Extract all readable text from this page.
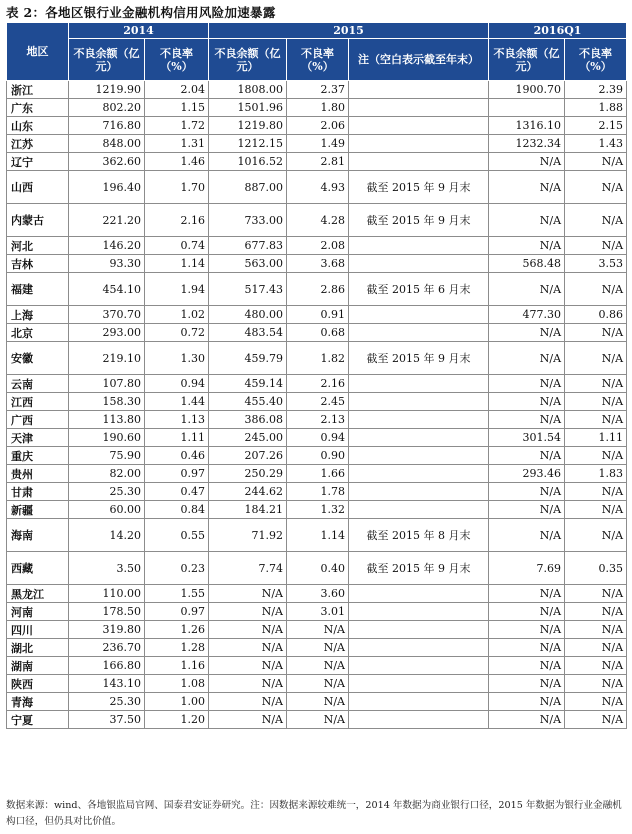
表 2：各地区银行业金融机构信用风险加速暴露
地区	2014		2015			2016Q1	
	不良余额（亿元）	不良率（%）	不良余额（亿元）	不良率（%）	注（空白表示截至年末）	不良余额（亿元）	不良率（%）
浙江	1219.90	2.04	1808.00	2.37		1900.70	2.39
广东	802.20	1.15	1501.96	1.80			1.88
山东	716.80	1.72	1219.80	2.06		1316.10	2.15
江苏	848.00	1.31	1212.15	1.49		1232.34	1.43
辽宁	362.60	1.46	1016.52	2.81		N/A	N/A
山西	196.40	1.70	887.00	4.93	截至 2015 年 9 月末	N/A	N/A
内蒙古	221.20	2.16	733.00	4.28	截至 2015 年 9 月末	N/A	N/A
河北	146.20	0.74	677.83	2.08		N/A	N/A
吉林	93.30	1.14	563.00	3.68		568.48	3.53
福建	454.10	1.94	517.43	2.86	截至 2015 年 6 月末	N/A	N/A
上海	370.70	1.02	480.00	0.91		477.30	0.86
北京	293.00	0.72	483.54	0.68		N/A	N/A
安徽	219.10	1.30	459.79	1.82	截至 2015 年 9 月末	N/A	N/A
云南	107.80	0.94	459.14	2.16		N/A	N/A
江西	158.30	1.44	455.40	2.45		N/A	N/A
广西	113.80	1.13	386.08	2.13		N/A	N/A
天津	190.60	1.11	245.00	0.94		301.54	1.11
重庆	75.90	0.46	207.26	0.90		N/A	N/A
贵州	82.00	0.97	250.29	1.66		293.46	1.83
甘肃	25.30	0.47	244.62	1.78		N/A	N/A
新疆	60.00	0.84	184.21	1.32		N/A	N/A
海南	14.20	0.55	71.92	1.14	截至 2015 年 8 月末	N/A	N/A
西藏	3.50	0.23	7.74	0.40	截至 2015 年 9 月末	7.69	0.35
黑龙江	110.00	1.55	N/A	3.60		N/A	N/A
河南	178.50	0.97	N/A	3.01		N/A	N/A
四川	319.80	1.26	N/A	N/A		N/A	N/A
湖北	236.70	1.28	N/A	N/A		N/A	N/A
湖南	166.80	1.16	N/A	N/A		N/A	N/A
陕西	143.10	1.08	N/A	N/A		N/A	N/A
青海	25.30	1.00	N/A	N/A		N/A	N/A
宁夏	37.50	1.20	N/A	N/A		N/A	N/A
数据来源：wind、各地银监局官网、国泰君安证券研究。注：因数据来源较难统一，2014 年数据为商业银行口径，2015 年数据为银行业金融机构口径，但仍具对比价值。
